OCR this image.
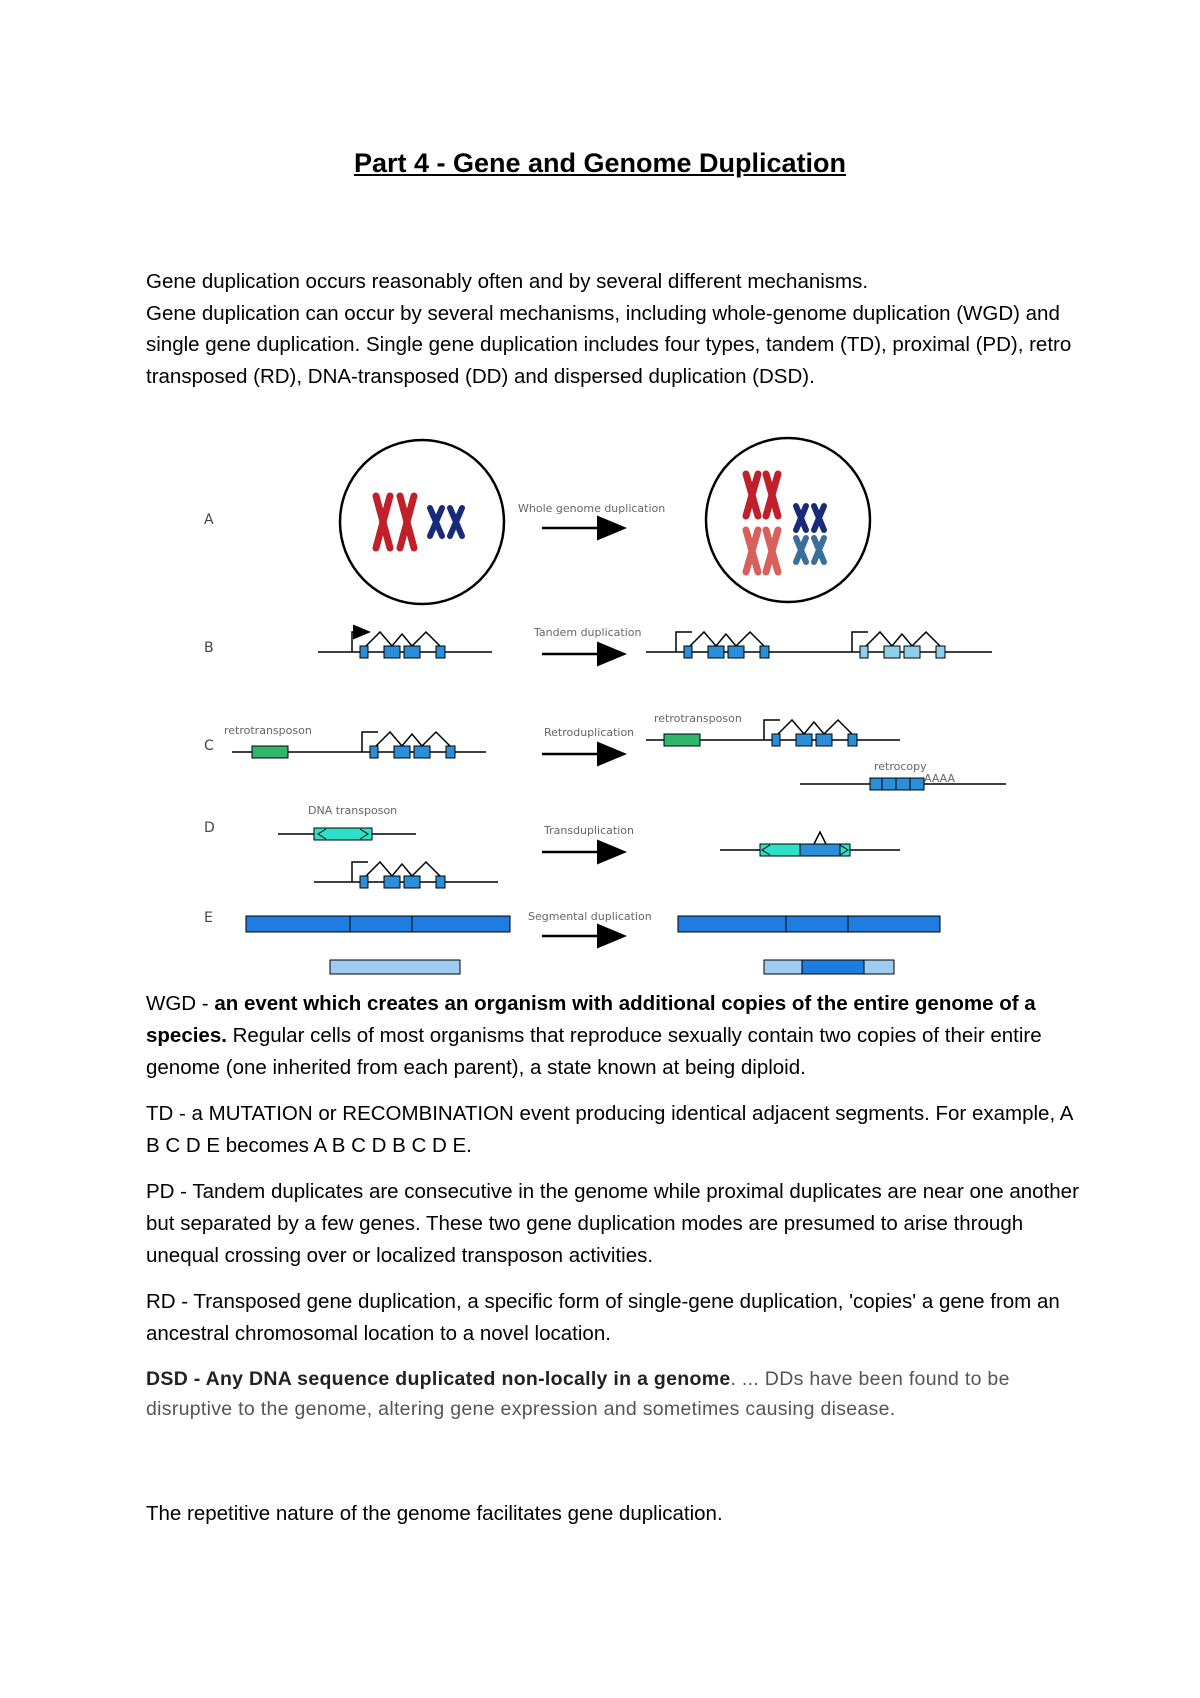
Part 4 - Gene and Genome Duplication
Gene duplication occurs reasonably often and by several different mechanisms.
Gene duplication can occur by several mechanisms, including whole-genome duplication (WGD) and single gene duplication. Single gene duplication includes four types, tandem (TD), proximal (PD), retro transposed (RD), DNA-transposed (DD) and dispersed duplication (DSD).
A
B
C
D
E
Whole genome duplication
Tandem duplication
retrotransposon	Retroduplication
retrotransposon
retrocopy
AAAA
DNA transposon
Transduplication
Segmental duplication

WGD - an event which creates an organism with additional copies of the entire genome of a species. Regular cells of most organisms that reproduce sexually contain two copies of their entire genome (one inherited from each parent), a state known at being diploid.

TD - a MUTATION or RECOMBINATION event producing identical adjacent segments. For example, A B C D E becomes A B C D B C D E.

PD - Tandem duplicates are consecutive in the genome while proximal duplicates are near one another but separated by a few genes. These two gene duplication modes are presumed to arise through unequal crossing over or localized transposon activities.

RD - Transposed gene duplication, a specific form of single-gene duplication, 'copies' a gene from an ancestral chromosomal location to a novel location.

DSD - Any DNA sequence duplicated non-locally in a genome. ... DDs have been found to be disruptive to the genome, altering gene expression and sometimes causing disease.

The repetitive nature of the genome facilitates gene duplication.
